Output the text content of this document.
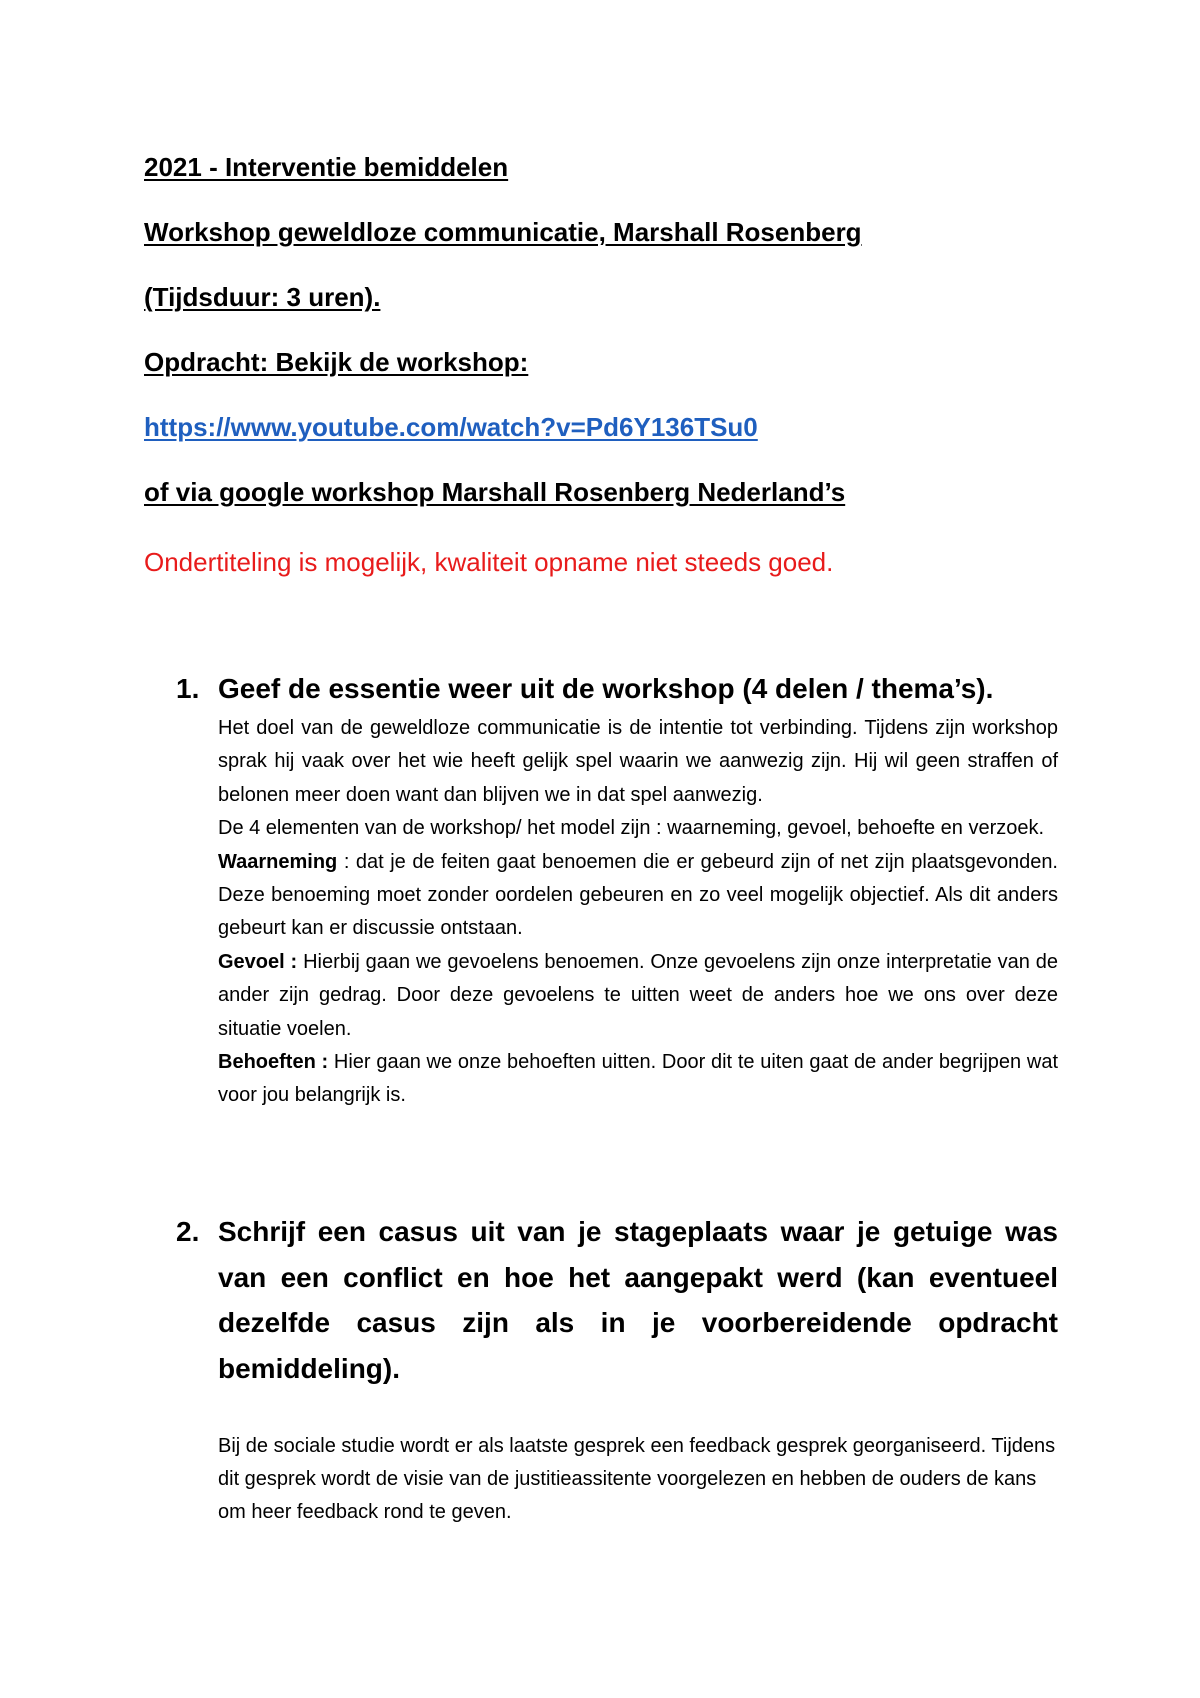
2021 - Interventie bemiddelen
Workshop geweldloze communicatie, Marshall Rosenberg
(Tijdsduur: 3 uren).
Opdracht: Bekijk de workshop:
https://www.youtube.com/watch?v=Pd6Y136TSu0
of via google workshop Marshall Rosenberg Nederland’s
Ondertiteling is mogelijk, kwaliteit opname niet steeds goed.
1. Geef de essentie weer uit de workshop (4 delen / thema’s).

Het doel van de geweldloze communicatie is de intentie tot verbinding. Tijdens zijn workshop sprak hij vaak over het wie heeft gelijk spel waarin we aanwezig zijn. Hij wil geen straffen of belonen meer doen want dan blijven we in dat spel aanwezig.

De 4 elementen van de workshop/ het model zijn : waarneming, gevoel, behoefte en verzoek.

Waarneming : dat je de feiten gaat benoemen die er gebeurd zijn of net zijn plaatsgevonden. Deze benoeming moet zonder oordelen gebeuren en zo veel mogelijk objectief. Als dit anders gebeurt kan er discussie ontstaan.

Gevoel : Hierbij gaan we gevoelens benoemen. Onze gevoelens zijn onze interpretatie van de ander zijn gedrag. Door deze gevoelens te uitten weet de anders hoe we ons over deze situatie voelen.

Behoeften : Hier gaan we onze behoeften uitten. Door dit te uiten gaat de ander begrijpen wat voor jou belangrijk is.

2. Schrijf een casus uit van je stageplaats waar je getuige was van een conflict en hoe het aangepakt werd (kan eventueel dezelfde casus zijn als in je voorbereidende opdracht bemiddeling).

Bij de sociale studie wordt er als laatste gesprek een feedback gesprek georganiseerd. Tijdens dit gesprek wordt de visie van de justitieassitente voorgelezen en hebben de ouders de kans om heer feedback rond te geven.
